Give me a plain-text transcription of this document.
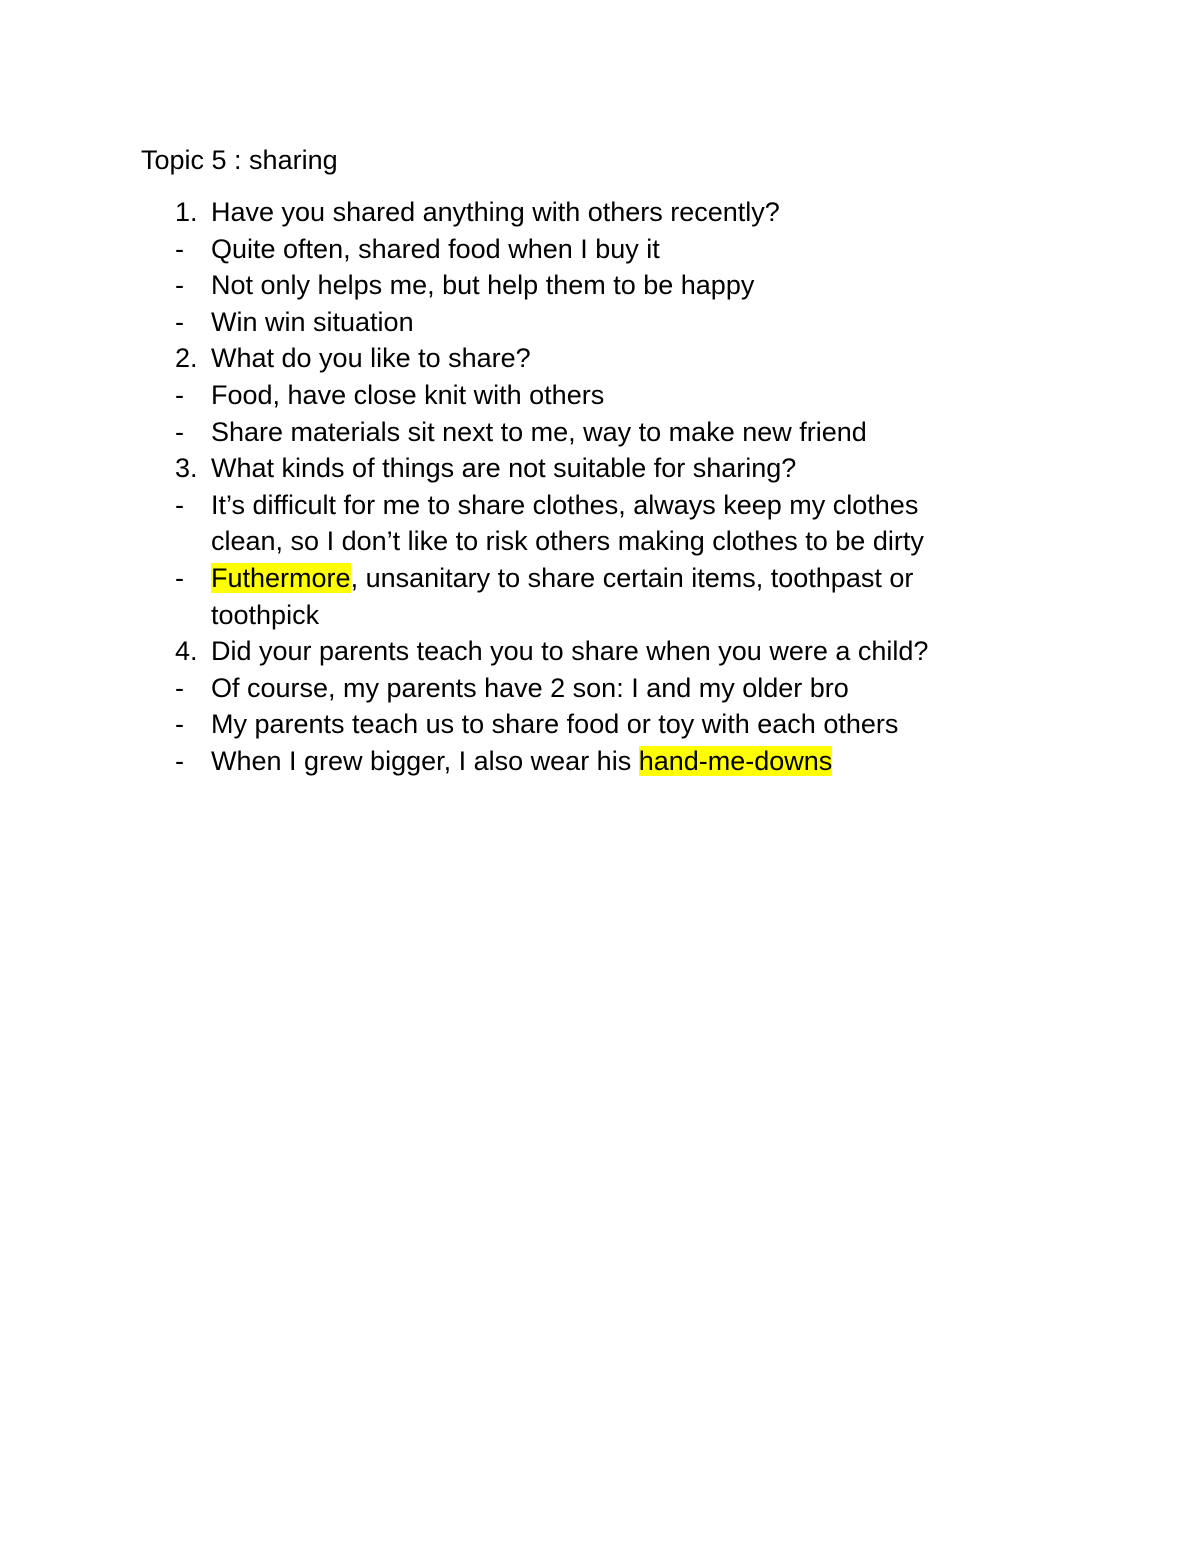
Topic 5 : sharing
1. Have you shared anything with others recently?
- Quite often, shared food when I buy it
- Not only helps me, but help them to be happy
- Win win situation
2. What do you like to share?
- Food, have close knit with others
- Share materials sit next to me, way to make new friend
3. What kinds of things are not suitable for sharing?
- It’s difficult for me to share clothes, always keep my clothes
clean, so I don’t like to risk others making clothes to be dirty
- Futhermore, unsanitary to share certain items, toothpast or
toothpick
4. Did your parents teach you to share when you were a child?
- Of course, my parents have 2 son: I and my older bro
- My parents teach us to share food or toy with each others
- When I grew bigger, I also wear his hand-me-downs
